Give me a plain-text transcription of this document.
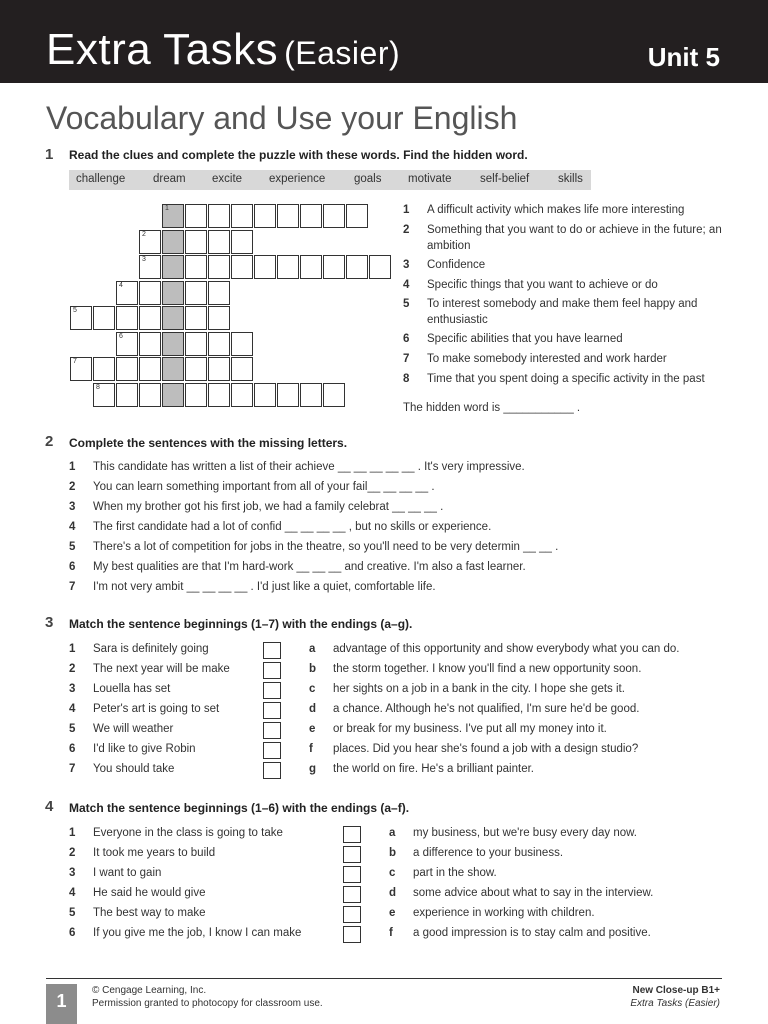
Extra Tasks (Easier)	Unit 5
Vocabulary and Use your English
1 Read the clues and complete the puzzle with these words. Find the hidden word.
challenge dream excite experience goals motivate self-belief	skills
1
2
3
4
5
6
7
8
1 A difficult activity which makes life more interesting
2 Something that you want to do or achieve in the future; an ambition
3 Confidence
4 Specific things that you want to achieve or do
5 To interest somebody and make them feel happy and enthusiastic
6 Specific abilities that you have learned
7 To make somebody interested and work harder
8 Time that you spent doing a specific activity in the past
The hidden word is ___________ .
2 Complete the sentences with the missing letters.
1 This candidate has written a list of their achieve __ __ __ __ __ . It's very impressive.
2 You can learn something important from all of your fail__ __ __ __ .
3 When my brother got his first job, we had a family celebrat __ __ __ .
4 The first candidate had a lot of confid __ __ __ __ , but no skills or experience.
5 There's a lot of competition for jobs in the theatre, so you'll need to be very determin __ __ .
6 My best qualities are that I'm hard-work __ __ __ and creative. I'm also a fast learner.
7 I'm not very ambit __ __ __ __ . I'd just like a quiet, comfortable life.
3 Match the sentence beginnings (1–7) with the endings (a–g).
1 Sara is definitely going
2 The next year will be make
3 Louella has set
4 Peter's art is going to set
5 We will weather
6 I'd like to give Robin
7 You should take
a advantage of this opportunity and show everybody what you can do.
b the storm together. I know you'll find a new opportunity soon.
c her sights on a job in a bank in the city. I hope she gets it.
d a chance. Although he's not qualified, I'm sure he'd be good.
e or break for my business. I've put all my money into it.
f places. Did you hear she's found a job with a design studio?
g the world on fire. He's a brilliant painter.
4 Match the sentence beginnings (1–6) with the endings (a–f).
1 Everyone in the class is going to take
2 It took me years to build
3 I want to gain
4 He said he would give
5 The best way to make
6 If you give me the job, I know I can make
a my business, but we're busy every day now.
b a difference to your business.
c part in the show.
d some advice about what to say in the interview.
e experience in working with children.
f a good impression is to stay calm and positive.
1
© Cengage Learning, Inc.
Permission granted to photocopy for classroom use.
New Close-up B1+
Extra Tasks (Easier)
